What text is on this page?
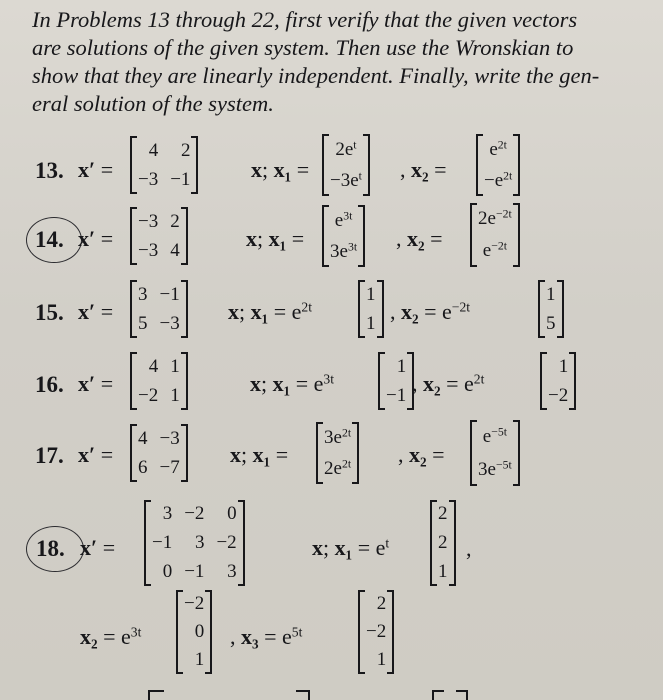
In Problems 13 through 22, first verify that the given vectors
are solutions of the given system. Then use the Wronskian to
show that they are linearly independent. Finally, write the gen-
eral solution of the system.

13. x′ =
4	2
−3 −1	x; x₁ =
$2e^t$
$-3e^t$ , x₂ =
$e^{2t}$
$-e^{2t}$
14. x′ =
−3 2
−3 4	x; x₁ =
$e^{3t}$
$3e^{3t}$ , x₂ =
$2e^{-2t}$
$e^{-2t}$
15. x′ =
3 −1
5 −3 x; $x_1 = e^{2t}$
1
1 , $x_2 = e^{-2t}$
1
5
16. x′ =
4 1
−2 1	x; $x_1 = e^{3t}$
1
−1 , $x_2 = e^{2t}$
1
−2
17. x′ =
4 −3
6 −7 x; x₁ =
$3e^{2t}$
$2e^{2t}$ , x₂ =
$e^{-5t}$
$3e^{-5t}$
18. x′ =
3 −2	0
−1	3 −2
0 −1	3
x; $x_1 = e^t$
2
2
1
,
$x_2 = e^{3t}$
−2
0
1
, $x_3 = e^{5t}$
2
−2
1
